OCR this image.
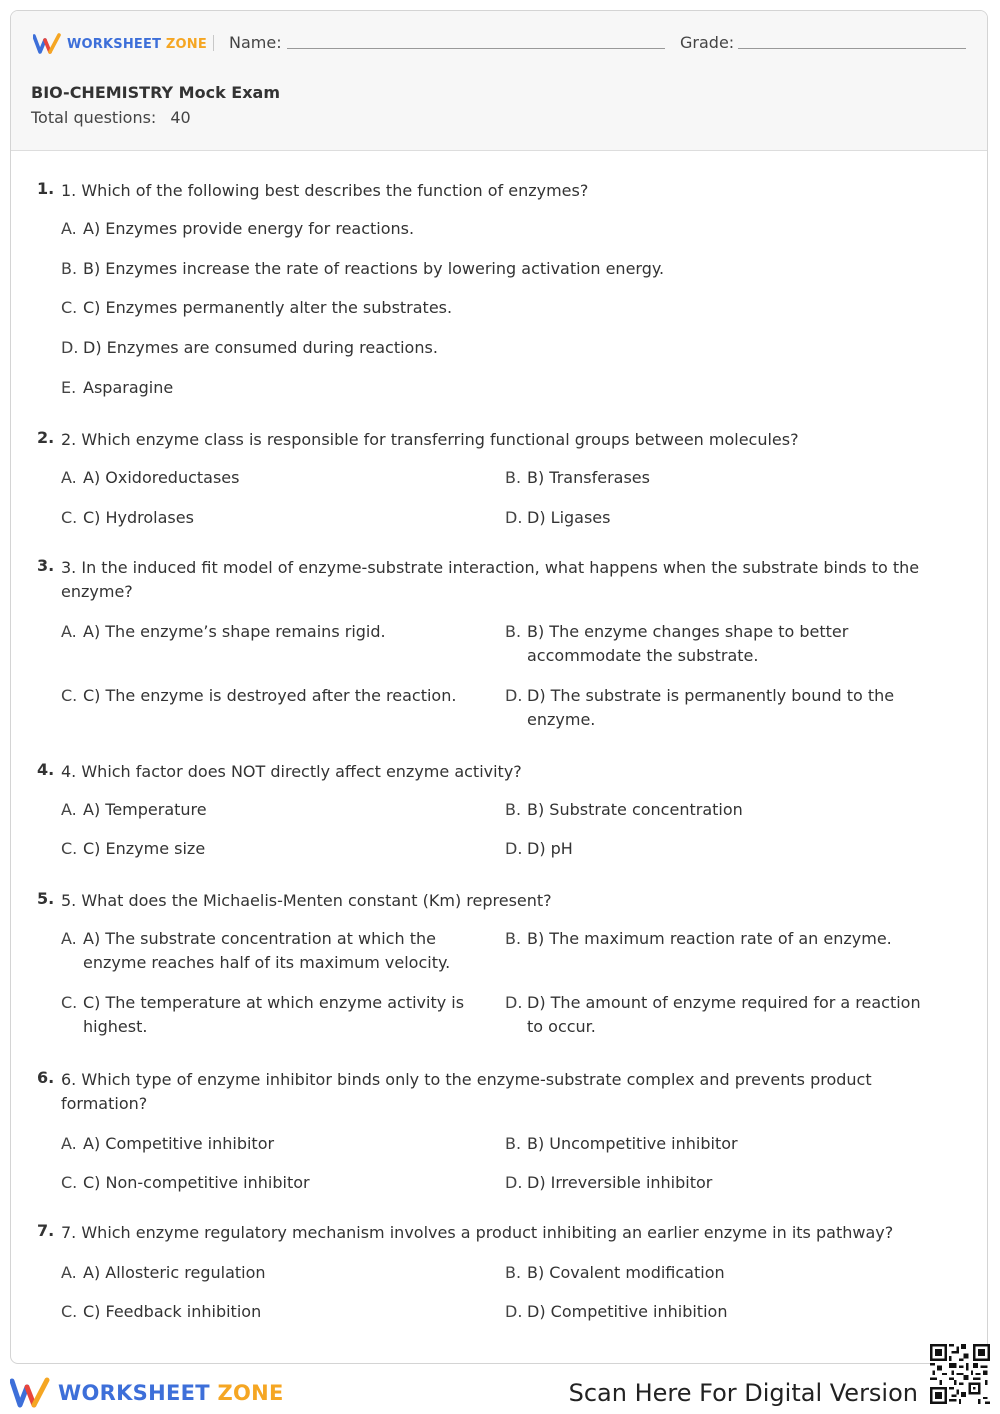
WORKSHEET ZONE Name:	Grade:
BIO-CHEMISTRY Mock Exam
Total questions: 40
1. 1. Which of the following best describes the function of enzymes?
A. A) Enzymes provide energy for reactions.
B. B) Enzymes increase the rate of reactions by lowering activation energy.
C. C) Enzymes permanently alter the substrates.
D. D) Enzymes are consumed during reactions.
E. Asparagine
2. 2. Which enzyme class is responsible for transferring functional groups between molecules?
A. A) Oxidoreductases	B. B) Transferases
C. C) Hydrolases	D. D) Ligases
3. 3. In the induced fit model of enzyme-substrate interaction, what happens when the substrate binds to the enzyme?
A. A) The enzyme’s shape remains rigid.	B. B) The enzyme changes shape to better accommodate the substrate.
C. C) The enzyme is destroyed after the reaction.	D. D) The substrate is permanently bound to the enzyme.
4. 4. Which factor does NOT directly affect enzyme activity?
A. A) Temperature	B. B) Substrate concentration
C. C) Enzyme size	D. D) pH
5. 5. What does the Michaelis-Menten constant (Km) represent?
A. A) The substrate concentration at which the enzyme reaches half of its maximum velocity.
B. B) The maximum reaction rate of an enzyme.
C. C) The temperature at which enzyme activity is highest.
D. D) The amount of enzyme required for a reaction to occur.
6. 6. Which type of enzyme inhibitor binds only to the enzyme-substrate complex and prevents product formation?
A. A) Competitive inhibitor	B. B) Uncompetitive inhibitor
C. C) Non-competitive inhibitor	D. D) Irreversible inhibitor
7. 7. Which enzyme regulatory mechanism involves a product inhibiting an earlier enzyme in its pathway?
A. A) Allosteric regulation	B. B) Covalent modification
C. C) Feedback inhibition	D. D) Competitive inhibition
WORKSHEET ZONE	Scan Here For Digital Version
